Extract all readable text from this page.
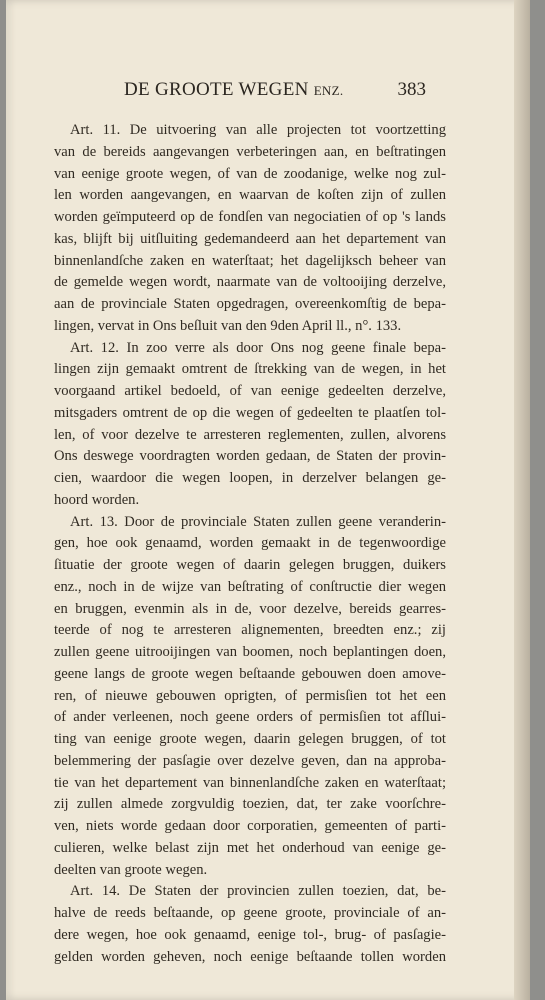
DE GROOTE WEGEN ENZ.	383
Art. 11. De uitvoering van alle projecten tot voortzetting
van de bereids aangevangen verbeteringen aan, en beſtratingen
van eenige groote wegen, of van de zoodanige, welke nog zul-
len worden aangevangen, en waarvan de koſten zijn of zullen
worden geïmputeerd op de fondſen van negociatien of op 's lands
kas, blijft bij uitſluiting gedemandeerd aan het departement van
binnenlandſche zaken en waterſtaat; het dagelijksch beheer van
de gemelde wegen wordt, naarmate van de voltooijing derzelve,
aan de provinciale Staten opgedragen, overeenkomſtig de bepa-
lingen, vervat in Ons beſluit van den 9den April ll., n°. 133.
Art. 12. In zoo verre als door Ons nog geene finale bepa-
lingen zijn gemaakt omtrent de ſtrekking van de wegen, in het
voorgaand artikel bedoeld, of van eenige gedeelten derzelve,
mitsgaders omtrent de op die wegen of gedeelten te plaatſen tol-
len, of voor dezelve te arresteren reglementen, zullen, alvorens
Ons deswege voordragten worden gedaan, de Staten der provin-
cien, waardoor die wegen loopen, in derzelver belangen ge-
hoord worden.
Art. 13. Door de provinciale Staten zullen geene veranderin-
gen, hoe ook genaamd, worden gemaakt in de tegenwoordige
ſituatie der groote wegen of daarin gelegen bruggen, duikers
enz., noch in de wijze van beſtrating of conſtructie dier wegen
en bruggen, evenmin als in de, voor dezelve, bereids gearres-
teerde of nog te arresteren alignementen, breedten enz.; zij
zullen geene uitrooijingen van boomen, noch beplantingen doen,
geene langs de groote wegen beſtaande gebouwen doen amove-
ren, of nieuwe gebouwen oprigten, of permisſien tot het een
of ander verleenen, noch geene orders of permisſien tot afſlui-
ting van eenige groote wegen, daarin gelegen bruggen, of tot
belemmering der pasſagie over dezelve geven, dan na approba-
tie van het departement van binnenlandſche zaken en waterſtaat;
zij zullen almede zorgvuldig toezien, dat, ter zake voorſchre-
ven, niets worde gedaan door corporatien, gemeenten of parti-
culieren, welke belast zijn met het onderhoud van eenige ge-
deelten van groote wegen.
Art. 14. De Staten der provincien zullen toezien, dat, be-
halve de reeds beſtaande, op geene groote, provinciale of an-
dere wegen, hoe ook genaamd, eenige tol-, brug- of pasſagie-
gelden worden geheven, noch eenige beſtaande tollen worden
